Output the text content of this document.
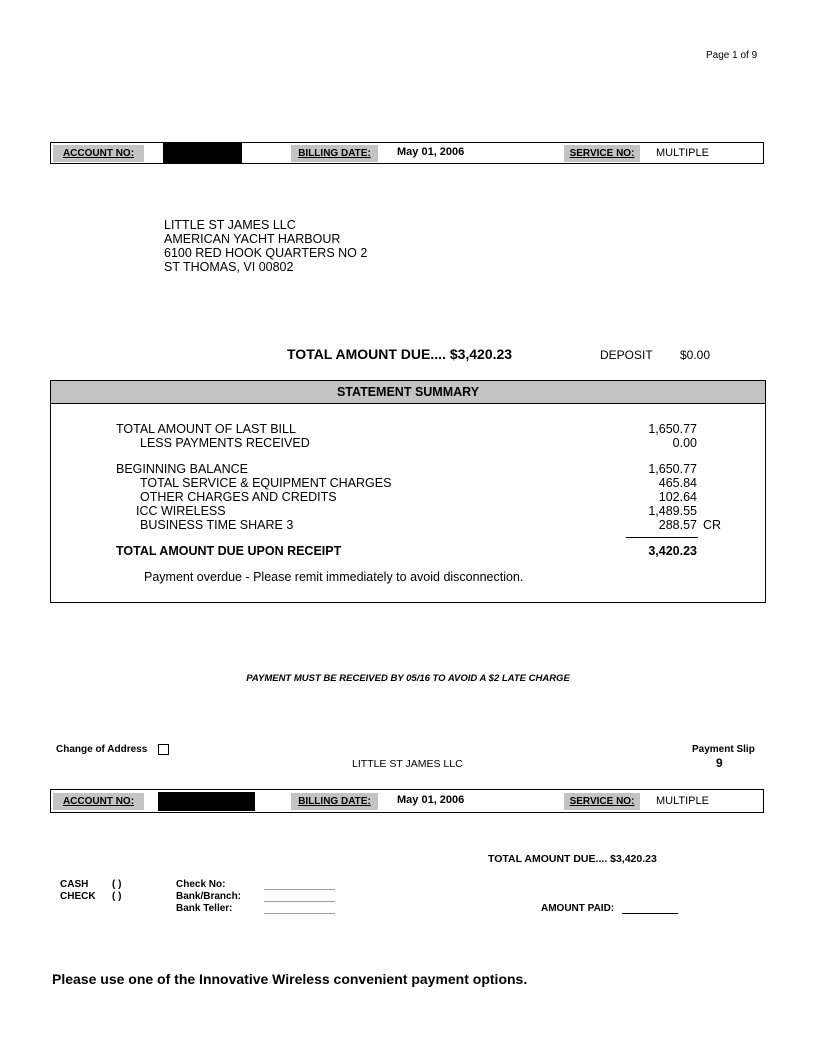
Page 1 of 9
ACCOUNT NO:	BILLING DATE:	May 01, 2006	SERVICE NO:	MULTIPLE
LITTLE ST JAMES LLC
AMERICAN YACHT HARBOUR
6100 RED HOOK QUARTERS NO 2
ST THOMAS, VI 00802
TOTAL AMOUNT DUE.... $3,420.23	DEPOSIT $0.00
STATEMENT SUMMARY
TOTAL AMOUNT OF LAST BILL	1,650.77
LESS PAYMENTS RECEIVED	0.00
BEGINNING BALANCE	1,650.77
TOTAL SERVICE & EQUIPMENT CHARGES	465.84
OTHER CHARGES AND CREDITS	102.64
ICC WIRELESS	1,489.55
BUSINESS TIME SHARE 3	288.57 CR
TOTAL AMOUNT DUE UPON RECEIPT	3,420.23
Payment overdue - Please remit immediately to avoid disconnection.
PAYMENT MUST BE RECEIVED BY 05/16 TO AVOID A $2 LATE CHARGE
Change of Address	Payment Slip
9
LITTLE ST JAMES LLC
ACCOUNT NO:	BILLING DATE:	May 01, 2006	SERVICE NO:	MULTIPLE
TOTAL AMOUNT DUE.... $3,420.23
CASH ( )
CHECK ( )
Check No:
Bank/Branch:
Bank Teller:	AMOUNT PAID:
Please use one of the Innovative Wireless convenient payment options.
